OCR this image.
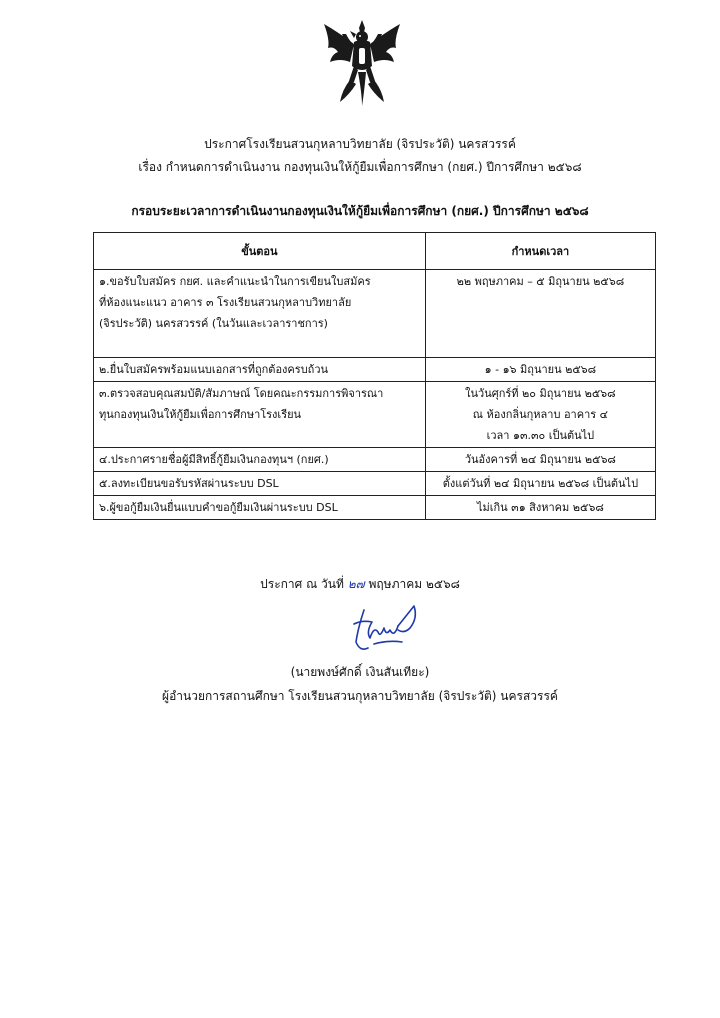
ประกาศโรงเรียนสวนกุหลาบวิทยาลัย (จิรประวัติ) นครสวรรค์
เรื่อง กำหนดการดำเนินงาน กองทุนเงินให้กู้ยืมเพื่อการศึกษา (กยศ.) ปีการศึกษา ๒๕๖๘
กรอบระยะเวลาการดำเนินงานกองทุนเงินให้กู้ยืมเพื่อการศึกษา (กยศ.) ปีการศึกษา ๒๕๖๘
ขั้นตอน	กำหนดเวลา

๑.ขอรับใบสมัคร กยศ. และคำแนะนำในการเขียนใบสมัคร
ที่ห้องแนะแนว อาคาร ๓ โรงเรียนสวนกุหลาบวิทยาลัย
(จิรประวัติ) นครสวรรค์ (ในวันและเวลาราชการ)	๒๒ พฤษภาคม – ๕ มิถุนายน ๒๕๖๘

๒.ยื่นใบสมัครพร้อมแนบเอกสารที่ถูกต้องครบถ้วน	๑ - ๑๖ มิถุนายน ๒๕๖๘

๓.ตรวจสอบคุณสมบัติ/สัมภาษณ์ โดยคณะกรรมการพิจารณา
ทุนกองทุนเงินให้กู้ยืมเพื่อการศึกษาโรงเรียน	ในวันศุกร์ที่ ๒๐ มิถุนายน ๒๕๖๘
ณ ห้องกลิ่นกุหลาบ อาคาร ๔
เวลา ๑๓.๓๐ เป็นต้นไป

๔.ประกาศรายชื่อผู้มีสิทธิ์กู้ยืมเงินกองทุนฯ (กยศ.)	วันอังคารที่ ๒๔ มิถุนายน ๒๕๖๘
๕.ลงทะเบียนขอรับรหัสผ่านระบบ DSL	ตั้งแต่วันที่ ๒๔ มิถุนายน ๒๕๖๘ เป็นต้นไป
๖.ผู้ขอกู้ยืมเงินยื่นแบบคำขอกู้ยืมเงินผ่านระบบ DSL	ไม่เกิน ๓๑ สิงหาคม ๒๕๖๘
ประกาศ ณ วันที่ ๒๗ พฤษภาคม ๒๕๖๘
(นายพงษ์ศักดิ์ เงินสันเทียะ)
ผู้อำนวยการสถานศึกษา โรงเรียนสวนกุหลาบวิทยาลัย (จิรประวัติ) นครสวรรค์
